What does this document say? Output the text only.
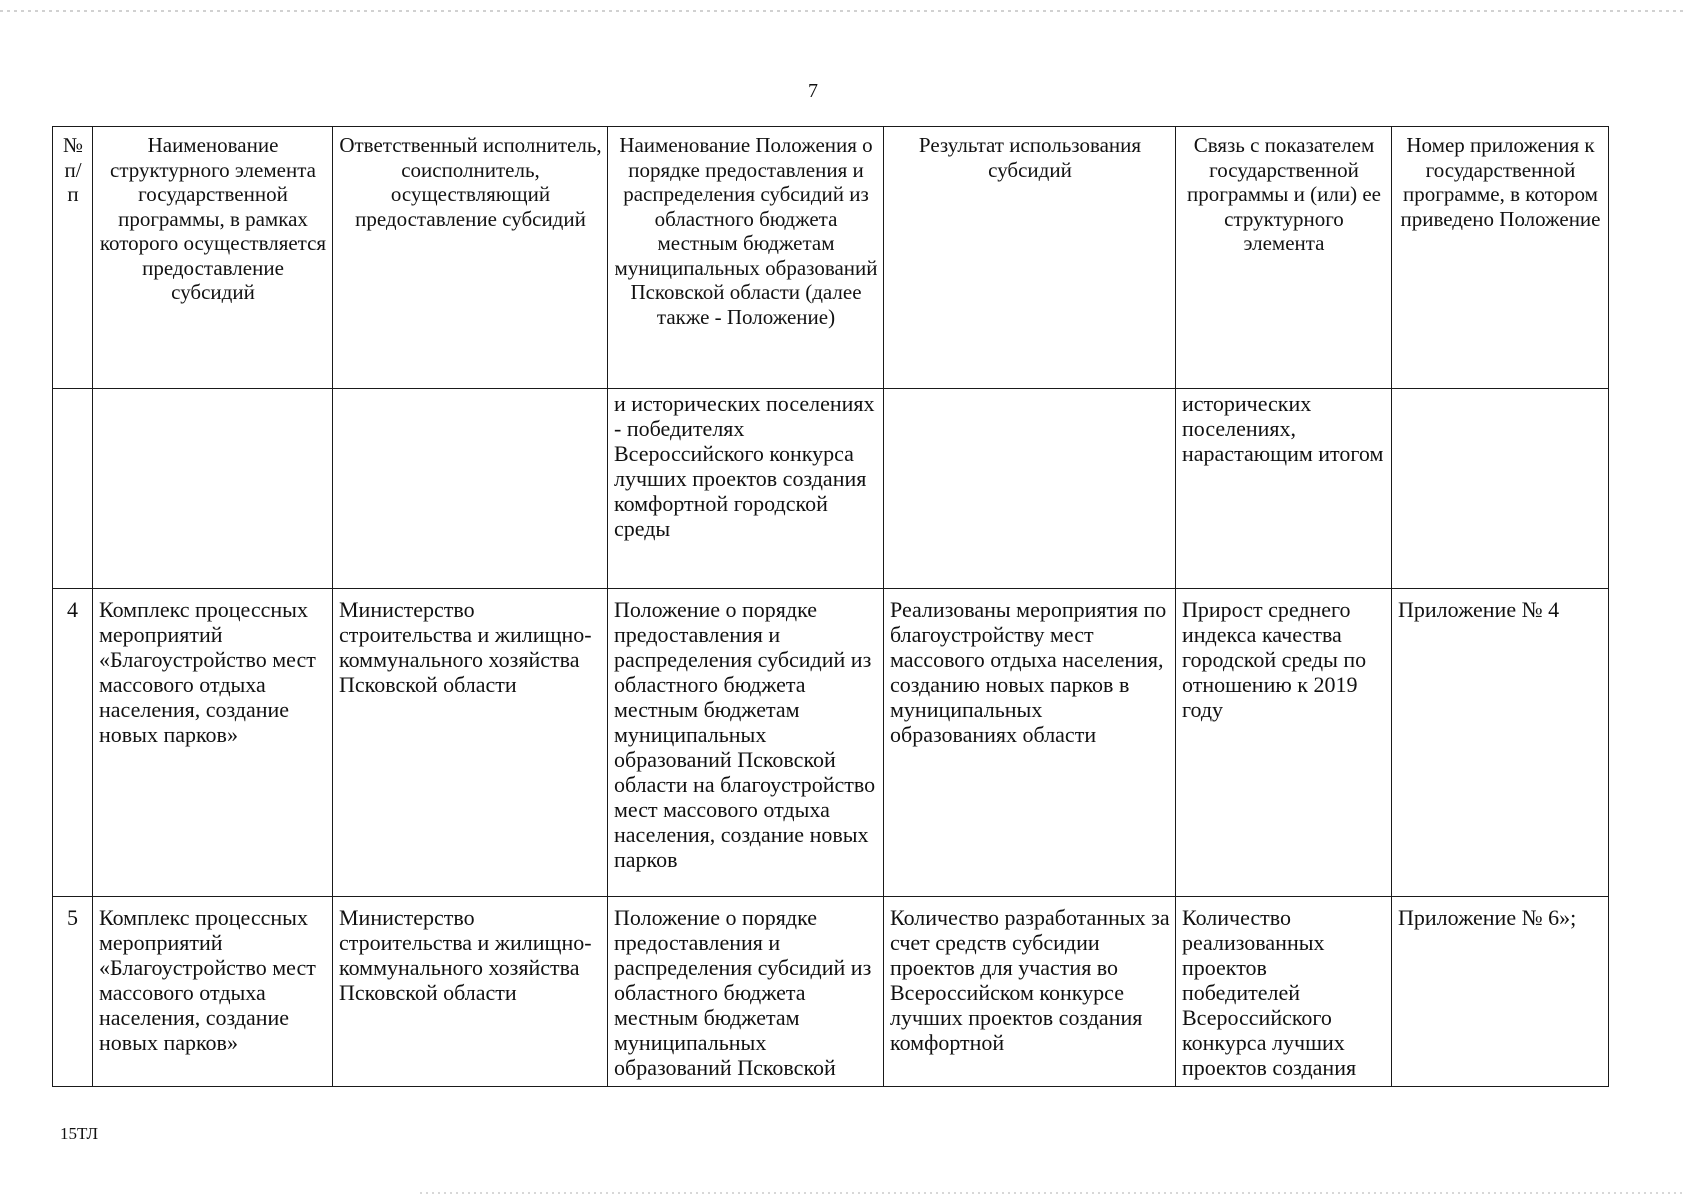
7
№ п/п	Наименование структурного элемента государственной программы, в рамках которого осуществляется предоставление субсидий	Ответственный исполнитель, соисполнитель, осуществляющий предоставление субсидий	Наименование Положения о порядке предоставления и распределения субсидий из областного бюджета местным бюджетам муниципальных образований Псковской области (далее также - Положение)	Результат использования субсидий	Связь с показателем государственной программы и (или) ее структурного элемента	Номер приложения к государственной программе, в котором приведено Положение
			и исторических поселениях - победителях Всероссийского конкурса лучших проектов создания комфортной городской среды		исторических поселениях, нарастающим итогом	
4	Комплекс процессных мероприятий «Благоустройство мест массового отдыха населения, создание новых парков»	Министерство строительства и жилищно-коммунального хозяйства Псковской области	Положение о порядке предоставления и распределения субсидий из областного бюджета местным бюджетам муниципальных образований Псковской области на благоустройство мест массового отдыха населения, создание новых парков	Реализованы мероприятия по благоустройству мест массового отдыха населения, созданию новых парков в муниципальных образованиях области	Прирост среднего индекса качества городской среды по отношению к 2019 году	Приложение № 4
5	Комплекс процессных мероприятий «Благоустройство мест массового отдыха населения, создание новых парков»	Министерство строительства и жилищно-коммунального хозяйства Псковской области	Положение о порядке предоставления и распределения субсидий из областного бюджета местным бюджетам муниципальных образований Псковской	Количество разработанных за счет средств субсидии проектов для участия во Всероссийском конкурсе лучших проектов создания комфортной	Количество реализованных проектов победителей Всероссийского конкурса лучших проектов создания	Приложение № 6»;
15ТЛ
